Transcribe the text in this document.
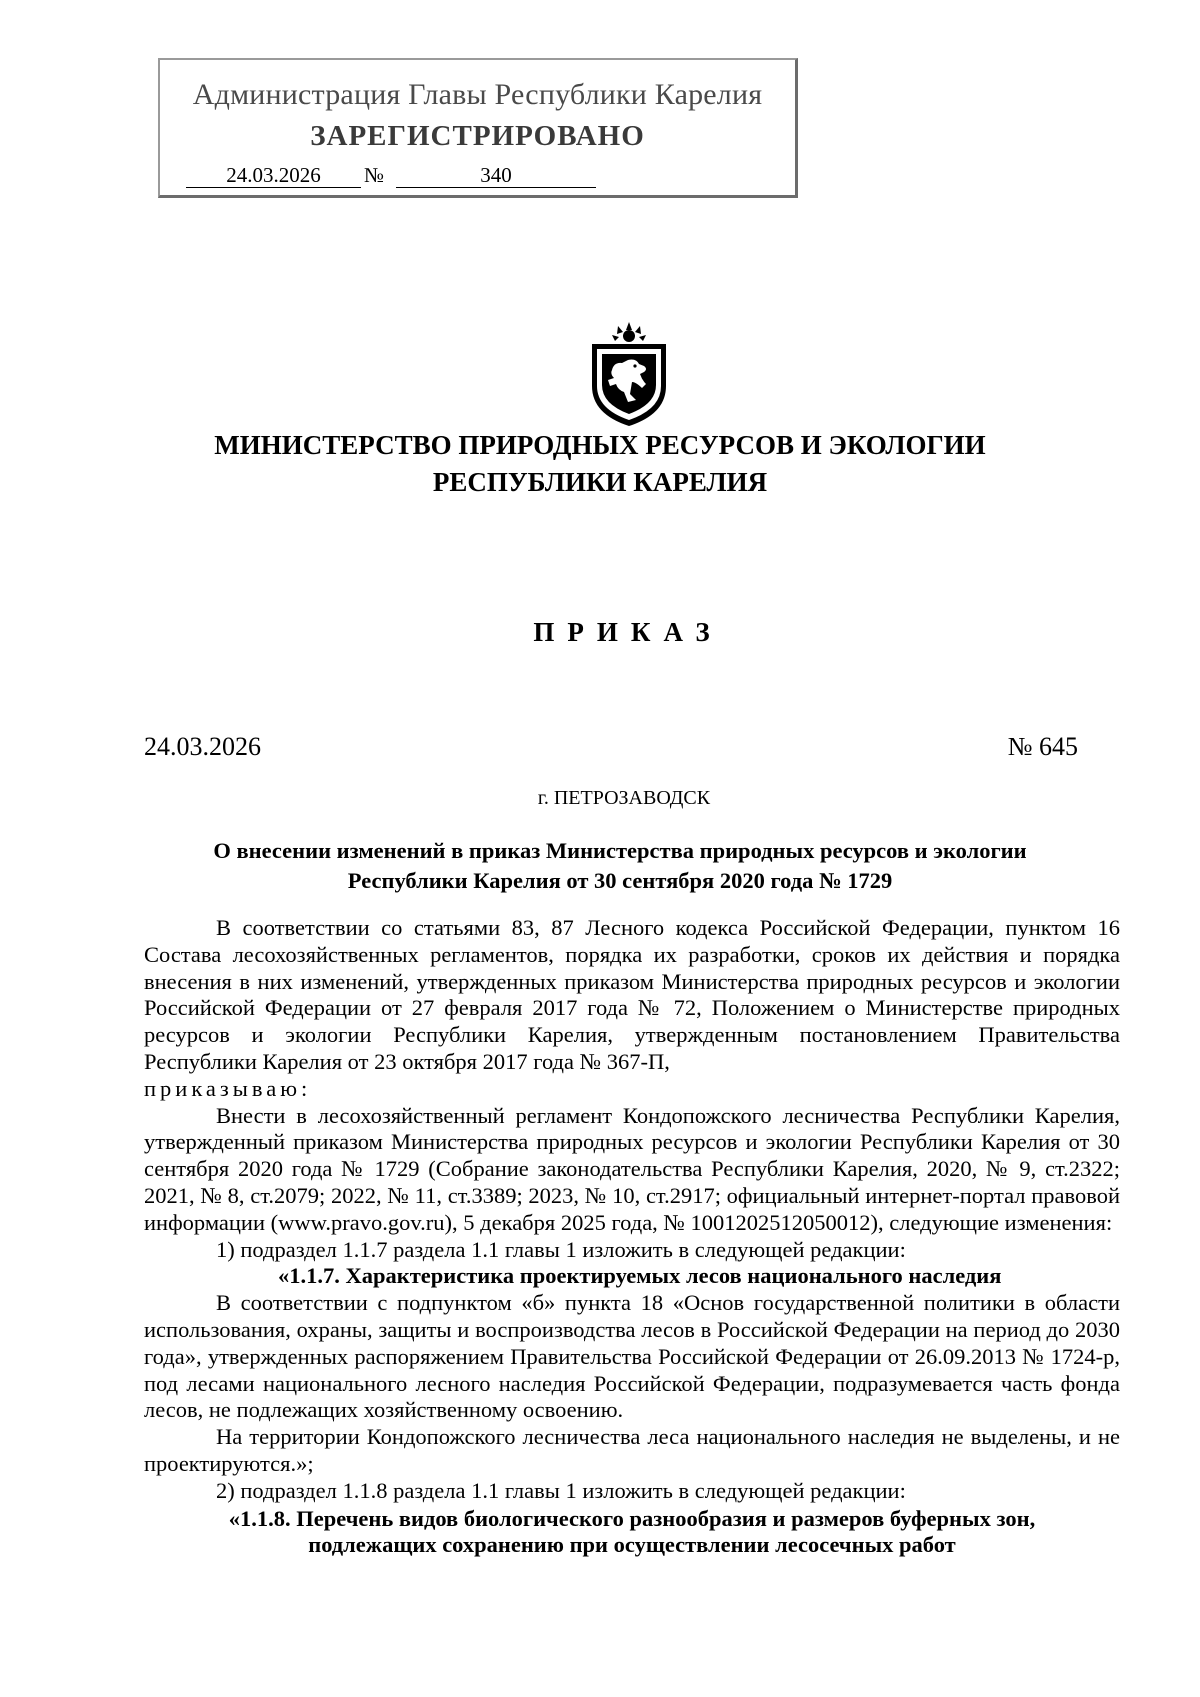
Администрация Главы Республики Карелия
ЗАРЕГИСТРИРОВАНО
24.03.2026	№	340
МИНИСТЕРСТВО ПРИРОДНЫХ РЕСУРСОВ И ЭКОЛОГИИ
РЕСПУБЛИКИ КАРЕЛИЯ
ПРИКАЗ
24.03.2026	№ 645
г. ПЕТРОЗАВОДСК
О внесении изменений в приказ Министерства природных ресурсов и экологии
Республики Карелия от 30 сентября 2020 года № 1729

В соответствии со статьями 83, 87 Лесного кодекса Российской Федерации, пунктом 16 Состава лесохозяйственных регламентов, порядка их разработки, сроков их действия и порядка внесения в них изменений, утвержденных приказом Министерства природных ресурсов и экологии Российской Федерации от 27 февраля 2017 года № 72, Положением о Министерстве природных ресурсов и экологии Республики Карелия, утвержденным постановлением Правительства Республики Карелия от 23 октября 2017 года № 367-П,

приказываю:

Внести в лесохозяйственный регламент Кондопожского лесничества Республики Карелия, утвержденный приказом Министерства природных ресурсов и экологии Республики Карелия от 30 сентября 2020 года № 1729 (Собрание законодательства Республики Карелия, 2020, № 9, ст.2322; 2021, № 8, ст.2079; 2022, № 11, ст.3389; 2023, № 10, ст.2917; официальный интернет-портал правовой информации (www.pravo.gov.ru), 5 декабря 2025 года, № 1001202512050012), следующие изменения:

1) подраздел 1.1.7 раздела 1.1 главы 1 изложить в следующей редакции:

«1.1.7. Характеристика проектируемых лесов национального наследия

В соответствии с подпунктом «б» пункта 18 «Основ государственной политики в области использования, охраны, защиты и воспроизводства лесов в Российской Федерации на период до 2030 года», утвержденных распоряжением Правительства Российской Федерации от 26.09.2013 № 1724-р, под лесами национального лесного наследия Российской Федерации, подразумевается часть фонда лесов, не подлежащих хозяйственному освоению.

На территории Кондопожского лесничества леса национального наследия не выделены, и не проектируются.»;

2) подраздел 1.1.8 раздела 1.1 главы 1 изложить в следующей редакции:

«1.1.8. Перечень видов биологического разнообразия и размеров буферных зон,

подлежащих сохранению при осуществлении лесосечных работ
